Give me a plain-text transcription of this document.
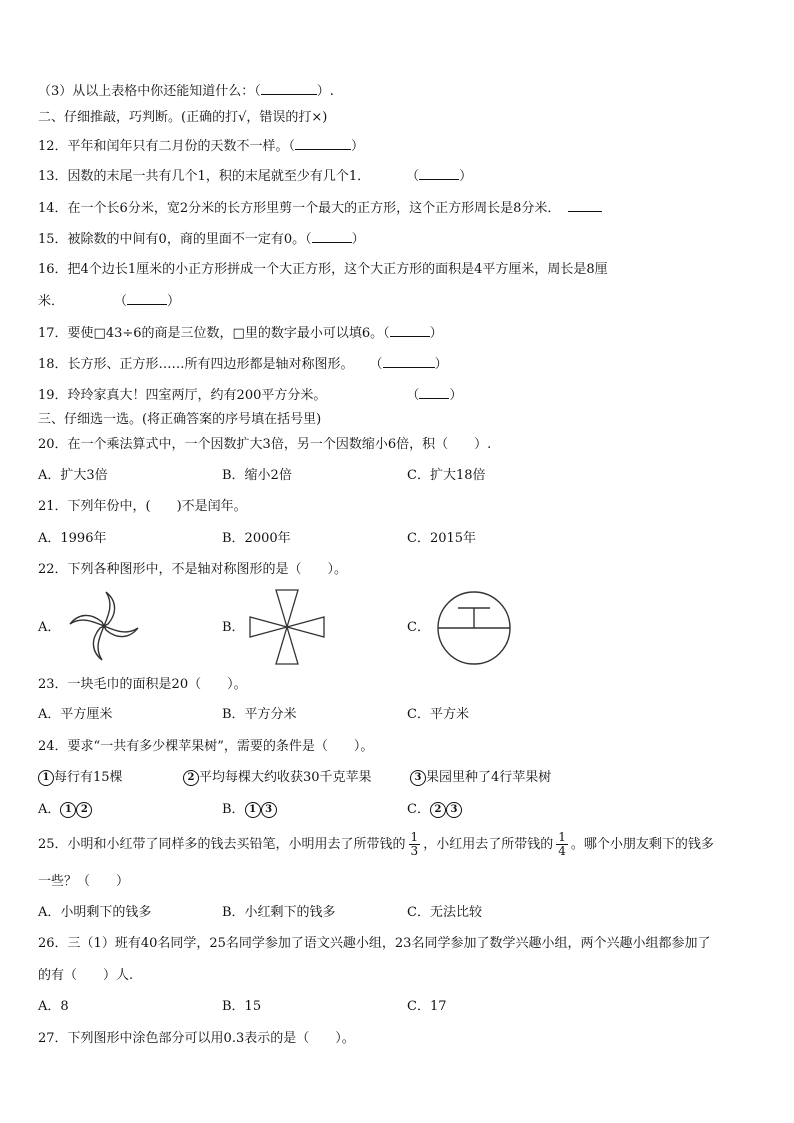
（3）从以上表格中你还能知道什么：（	）.
二、仔细推敲，巧判断。(正确的打√，错误的打×)
12．平年和闰年只有二月份的天数不一样。（	）
13．因数的末尾一共有几个1，积的末尾就至少有几个1．	（	）
14．在一个长6分米，宽2分米的长方形里剪一个最大的正方形，这个正方形周长是8分米．
15．被除数的中间有0，商的里面不一定有0。（	）
16．把4个边长1厘米的小正方形拼成一个大正方形，这个大正方形的面积是4平方厘米，周长是8厘
米．	（	）
17．要使□43÷6的商是三位数，□里的数字最小可以填6。（	）
18．长方形、正方形……所有四边形都是轴对称图形。 （	）
19．玲玲家真大！四室两厅，约有200平方分米。	（ ）
三、仔细选一选。(将正确答案的序号填在括号里)
20．在一个乘法算式中，一个因数扩大3倍，另一个因数缩小6倍，积（　　）.
A．扩大3倍	B．缩小2倍	C．扩大18倍
21．下列年份中，(　　)不是闰年。
A．1996年	B．2000年	C．2015年
22．下列各种图形中，不是轴对称图形的是（　　）。
A．	B．	C．
23．一块毛巾的面积是20（　　）。
A．平方厘米	B．平方分米	C．平方米
24．要求“一共有多少棵苹果树”，需要的条件是（　　）。
1 每行有15棵	2 平均每棵大约收获30千克苹果	3 果园里种了4行苹果树
A． 1 2	B． 1 3	C． 2 3
25．小明和小红带了同样多的钱去买铅笔，小明用去了所带钱的 $\frac{1}{3}$ ，小红用去了所带钱的 $\frac{1}{4}$ 。哪个小朋友剩下的钱多
一些？（　　）
A．小明剩下的钱多	B．小红剩下的钱多	C．无法比较
26．三（1）班有40名同学，25名同学参加了语文兴趣小组，23名同学参加了数学兴趣小组，两个兴趣小组都参加了
的有（　　）人.
A．8	B．15	C．17
27．下列图形中涂色部分可以用0.3表示的是（　　）。
